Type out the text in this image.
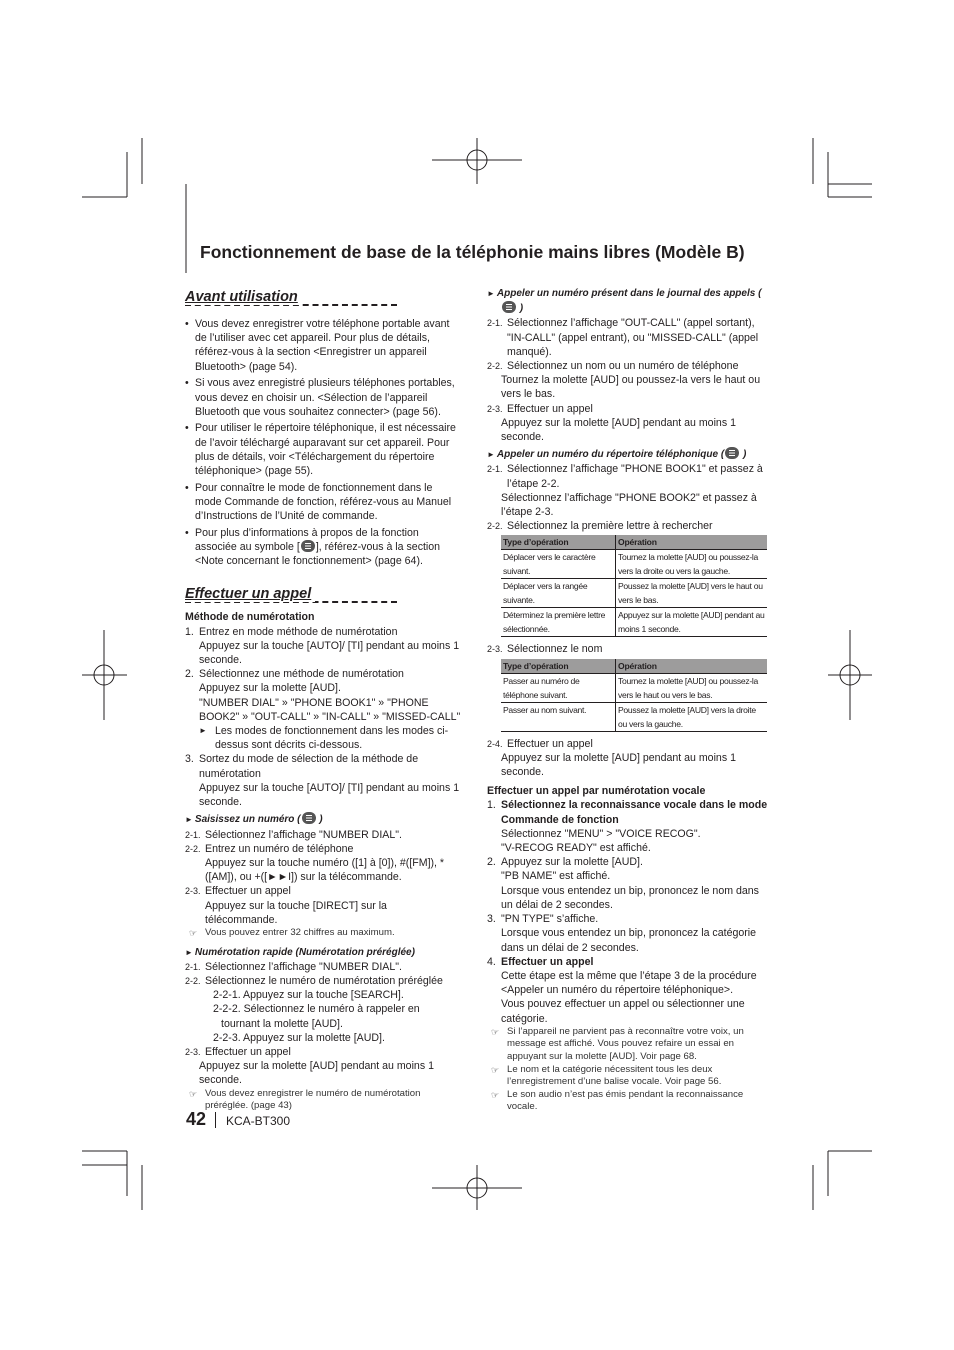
Fonctionnement de base de la téléphonie mains libres (Modèle B)
Avant utilisation
• Vous devez enregistrer votre téléphone portable avant de l’utiliser avec cet appareil. Pour plus de détails, référez-vous à la section <Enregistrer un appareil Bluetooth> (page 54).
• Si vous avez enregistré plusieurs téléphones portables, vous devez en choisir un. <Sélection de l’appareil Bluetooth que vous souhaitez connecter> (page 56).
• Pour utiliser le répertoire téléphonique, il est nécessaire de l’avoir téléchargé auparavant sur cet appareil. Pour plus de détails, voir <Téléchargement du répertoire téléphonique> (page 55).
• Pour connaître le mode de fonctionnement dans le mode Commande de fonction, référez-vous au Manuel d’Instructions de l’Unité de commande.
• Pour plus d’informations à propos de la fonction associée au symbole [ ], référez-vous à la section <Note concernant le fonctionnement> (page 64).
Effectuer un appel
Méthode de numérotation
1. Entrez en mode méthode de numérotation
Appuyez sur la touche [AUTO]/ [TI] pendant au moins 1 seconde.
2. Sélectionnez une méthode de numérotation
Appuyez sur la molette [AUD].
"NUMBER DIAL" » "PHONE BOOK1" » "PHONE BOOK2" » "OUT-CALL" » "IN-CALL" » "MISSED-CALL"
► Les modes de fonctionnement dans les modes ci-dessus sont décrits ci-dessous.
3. Sortez du mode de sélection de la méthode de numérotation
Appuyez sur la touche [AUTO]/ [TI] pendant au moins 1 seconde.
► Saisissez un numéro ( )
2-1. Sélectionnez l’affichage "NUMBER DIAL".
2-2. Entrez un numéro de téléphone
Appuyez sur la touche numéro ([1] à [0]), #([FM]), *([AM]), ou +([►►I]) sur la télécommande.
2-3. Effectuer un appel
Appuyez sur la touche [DIRECT] sur la télécommande.
☞ Vous pouvez entrer 32 chiffres au maximum.
► Numérotation rapide (Numérotation préréglée)
2-1. Sélectionnez l’affichage "NUMBER DIAL".
2-2. Sélectionnez le numéro de numérotation préréglée
2-2-1. Appuyez sur la touche [SEARCH].
2-2-2. Sélectionnez le numéro à rappeler en tournant la molette [AUD].
2-2-3. Appuyez sur la molette [AUD].
2-3. Effectuer un appel
Appuyez sur la molette [AUD] pendant au moins 1 seconde.
☞ Vous devez enregistrer le numéro de numérotation préréglée. (page 43)
► Appeler un numéro présent dans le journal des appels ( )
2-1. Sélectionnez l’affichage "OUT-CALL" (appel sortant), "IN-CALL" (appel entrant), ou "MISSED-CALL" (appel manqué).
2-2. Sélectionnez un nom ou un numéro de téléphone
Tournez la molette [AUD] ou poussez-la vers le haut ou vers le bas.
2-3. Effectuer un appel
Appuyez sur la molette [AUD] pendant au moins 1 seconde.
► Appeler un numéro du répertoire téléphonique ( )
2-1. Sélectionnez l’affichage "PHONE BOOK1" et passez à l’étape 2-2.
Sélectionnez l’affichage "PHONE BOOK2" et passez à l’étape 2-3.
2-2. Sélectionnez la première lettre à rechercher
Type d’opération	Opération
Déplacer vers le caractère suivant.	Tournez la molette [AUD] ou poussez-la vers la droite ou vers la gauche.
Déplacer vers la rangée suivante.	Poussez la molette [AUD] vers le haut ou vers le bas.
Déterminez la première lettre sélectionnée.	Appuyez sur la molette [AUD] pendant au moins 1 seconde.
2-3. Sélectionnez le nom
Type d’opération	Opération
Passer au numéro de téléphone suivant.	Tournez la molette [AUD] ou poussez-la vers le haut ou vers le bas.
Passer au nom suivant.	Poussez la molette [AUD] vers la droite ou vers la gauche.
2-4. Effectuer un appel
Appuyez sur la molette [AUD] pendant au moins 1 seconde.
Effectuer un appel par numérotation vocale
1. Sélectionnez la reconnaissance vocale dans le mode Commande de fonction
Sélectionnez "MENU" > "VOICE RECOG".
"V-RECOG READY" est affiché.
2. Appuyez sur la molette [AUD].
"PB NAME" est affiché.
Lorsque vous entendez un bip, prononcez le nom dans un délai de 2 secondes.
3. "PN TYPE" s’affiche.
Lorsque vous entendez un bip, prononcez la catégorie dans un délai de 2 secondes.
4. Effectuer un appel
Cette étape est la même que l’étape 3 de la procédure <Appeler un numéro du répertoire téléphonique>.
Vous pouvez effectuer un appel ou sélectionner une catégorie.
☞ Si l’appareil ne parvient pas à reconnaître votre voix, un message est affiché. Vous pouvez refaire un essai en appuyant sur la molette [AUD]. Voir page 68.
☞ Le nom et la catégorie nécessitent tous les deux l’enregistrement d’une balise vocale. Voir page 56.
☞ Le son audio n’est pas émis pendant la reconnaissance vocale.
42 KCA-BT300
